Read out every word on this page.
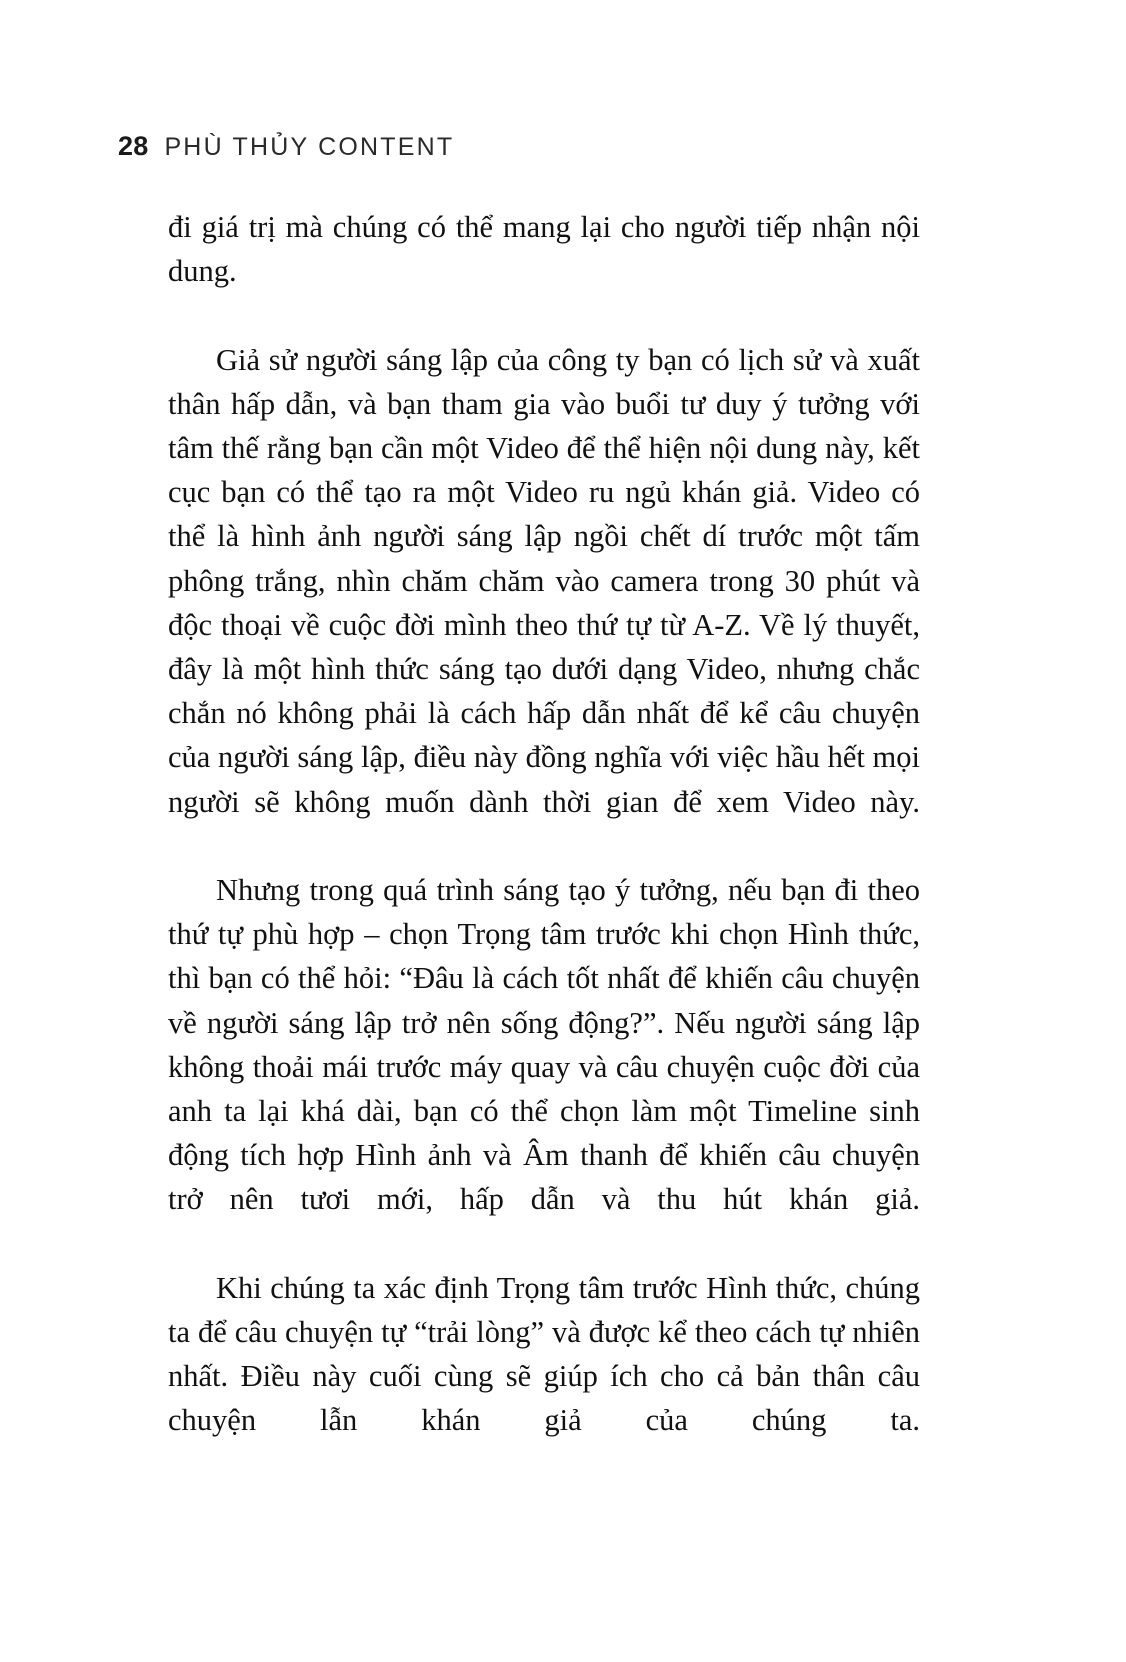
28 PHÙ THỦY CONTENT

đi giá trị mà chúng có thể mang lại cho người tiếp nhận nội dung.

Giả sử người sáng lập của công ty bạn có lịch sử và xuất thân hấp dẫn, và bạn tham gia vào buổi tư duy ý tưởng với tâm thế rằng bạn cần một Video để thể hiện nội dung này, kết cục bạn có thể tạo ra một Video ru ngủ khán giả. Video có thể là hình ảnh người sáng lập ngồi chết dí trước một tấm phông trắng, nhìn chăm chăm vào camera trong 30 phút và độc thoại về cuộc đời mình theo thứ tự từ A-Z. Về lý thuyết, đây là một hình thức sáng tạo dưới dạng Video, nhưng chắc chắn nó không phải là cách hấp dẫn nhất để kể câu chuyện của người sáng lập, điều này đồng nghĩa với việc hầu hết mọi người sẽ không muốn dành thời gian để xem Video này.

Nhưng trong quá trình sáng tạo ý tưởng, nếu bạn đi theo thứ tự phù hợp – chọn Trọng tâm trước khi chọn Hình thức, thì bạn có thể hỏi: “Đâu là cách tốt nhất để khiến câu chuyện về người sáng lập trở nên sống động?”. Nếu người sáng lập không thoải mái trước máy quay và câu chuyện cuộc đời của anh ta lại khá dài, bạn có thể chọn làm một Timeline sinh động tích hợp Hình ảnh và Âm thanh để khiến câu chuyện trở nên tươi mới, hấp dẫn và thu hút khán giả.

Khi chúng ta xác định Trọng tâm trước Hình thức, chúng ta để câu chuyện tự “trải lòng” và được kể theo cách tự nhiên nhất. Điều này cuối cùng sẽ giúp ích cho cả bản thân câu chuyện lẫn khán giả của chúng ta.
